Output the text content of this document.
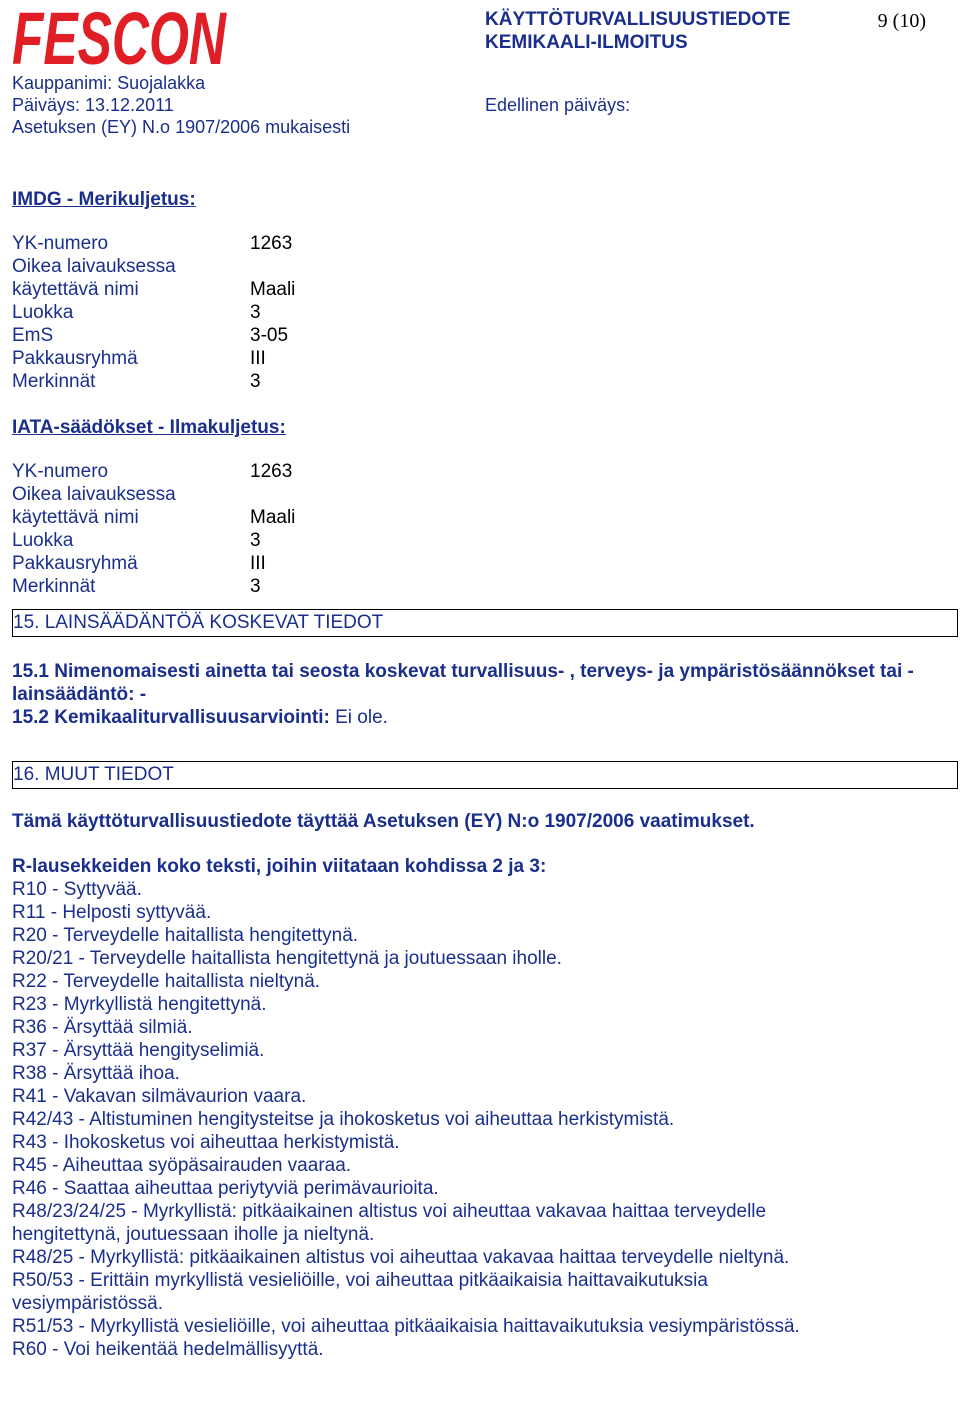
FESCON	KÄYTTÖTURVALLISUUSTIEDOTE
KEMIKAALI-ILMOITUS
9 (10)
Kauppanimi: Suojalakka
Päiväys: 13.12.2011
Asetuksen (EY) N.o 1907/2006 mukaisesti
Edellinen päiväys:
IMDG - Merikuljetus:
YK-numero	1263
Oikea laivauksessa
käytettävä nimi	Maali
Luokka	3
EmS	3-05
Pakkausryhmä	III
Merkinnät	3
IATA-säädökset - Ilmakuljetus:
YK-numero	1263
Oikea laivauksessa
käytettävä nimi	Maali
Luokka	3
Pakkausryhmä	III
Merkinnät	3
15. LAINSÄÄDÄNTÖÄ KOSKEVAT TIEDOT
15.1 Nimenomaisesti ainetta tai seosta koskevat turvallisuus- , terveys- ja ympäristösäännökset tai -lainsäädäntö: -
15.2 Kemikaaliturvallisuusarviointi: Ei ole.
16. MUUT TIEDOT
Tämä käyttöturvallisuustiedote täyttää Asetuksen (EY) N:o 1907/2006 vaatimukset.
R-lausekkeiden koko teksti, joihin viitataan kohdissa 2 ja 3:
R10 - Syttyvää.
R11 - Helposti syttyvää.
R20 - Terveydelle haitallista hengitettynä.
R20/21 - Terveydelle haitallista hengitettynä ja joutuessaan iholle.
R22 - Terveydelle haitallista nieltynä.
R23 - Myrkyllistä hengitettynä.
R36 - Ärsyttää silmiä.
R37 - Ärsyttää hengityselimiä.
R38 - Ärsyttää ihoa.
R41 - Vakavan silmävaurion vaara.
R42/43 - Altistuminen hengitysteitse ja ihokosketus voi aiheuttaa herkistymistä.
R43 - Ihokosketus voi aiheuttaa herkistymistä.
R45 - Aiheuttaa syöpäsairauden vaaraa.
R46 - Saattaa aiheuttaa periytyviä perimävaurioita.
R48/23/24/25 - Myrkyllistä: pitkäaikainen altistus voi aiheuttaa vakavaa haittaa terveydelle
hengitettynä, joutuessaan iholle ja nieltynä.
R48/25 - Myrkyllistä: pitkäaikainen altistus voi aiheuttaa vakavaa haittaa terveydelle nieltynä.
R50/53 - Erittäin myrkyllistä vesieliöille, voi aiheuttaa pitkäaikaisia haittavaikutuksia
vesiympäristössä.
R51/53 - Myrkyllistä vesieliöille, voi aiheuttaa pitkäaikaisia haittavaikutuksia vesiympäristössä.
R60 - Voi heikentää hedelmällisyyttä.
